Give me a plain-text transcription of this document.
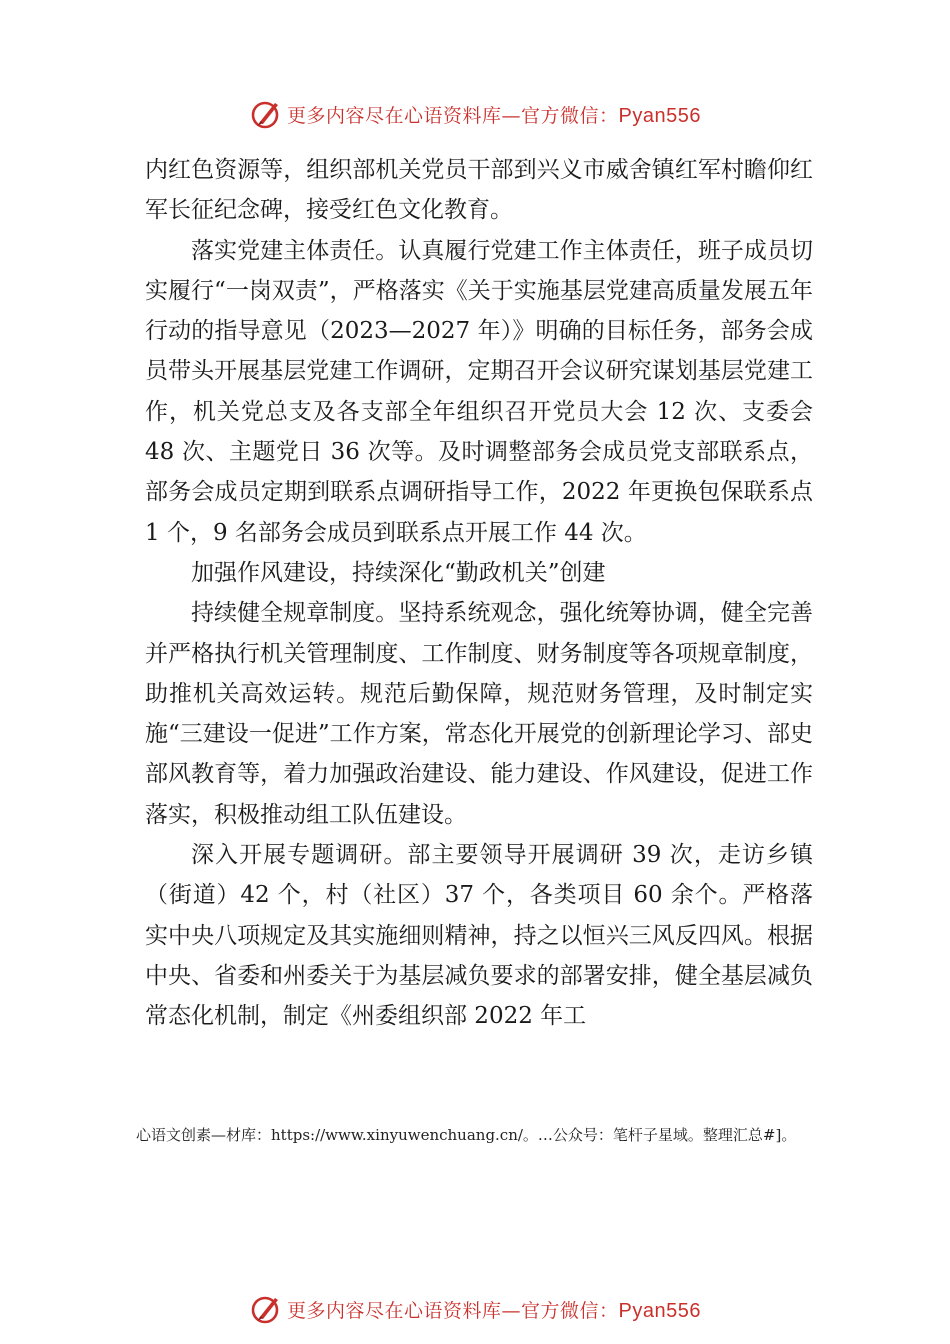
更多内容尽在心语资料库—官方微信：Pyan556

内红色资源等，组织部机关党员干部到兴义市威舍镇红军村瞻仰红军长征纪念碑，接受红色文化教育。

落实党建主体责任。认真履行党建工作主体责任，班子成员切实履行“一岗双责”，严格落实《关于实施基层党建高质量发展五年行动的指导意见（2023—2027 年）》明确的目标任务，部务会成员带头开展基层党建工作调研，定期召开会议研究谋划基层党建工作，机关党总支及各支部全年组织召开党员大会 12 次、支委会 48 次、主题党日 36 次等。及时调整部务会成员党支部联系点，部务会成员定期到联系点调研指导工作，2022 年更换包保联系点 1 个，9 名部务会成员到联系点开展工作 44 次。

加强作风建设，持续深化“勤政机关”创建

持续健全规章制度。坚持系统观念，强化统筹协调，健全完善并严格执行机关管理制度、工作制度、财务制度等各项规章制度，助推机关高效运转。规范后勤保障，规范财务管理，及时制定实施“三建设一促进”工作方案，常态化开展党的创新理论学习、部史部风教育等，着力加强政治建设、能力建设、作风建设，促进工作落实，积极推动组工队伍建设。

深入开展专题调研。部主要领导开展调研 39 次，走访乡镇（街道）42 个，村（社区）37 个，各类项目 60 余个。严格落实中央八项规定及其实施细则精神，持之以恒兴三风反四风。根据中央、省委和州委关于为基层减负要求的部署安排，健全基层减负常态化机制，制定《州委组织部 2022 年工

心语文创素—材库：https://www.xinyuwenchuang.cn/。…公众号：笔杆子星域。整理汇总#]。
更多内容尽在心语资料库—官方微信：Pyan556
